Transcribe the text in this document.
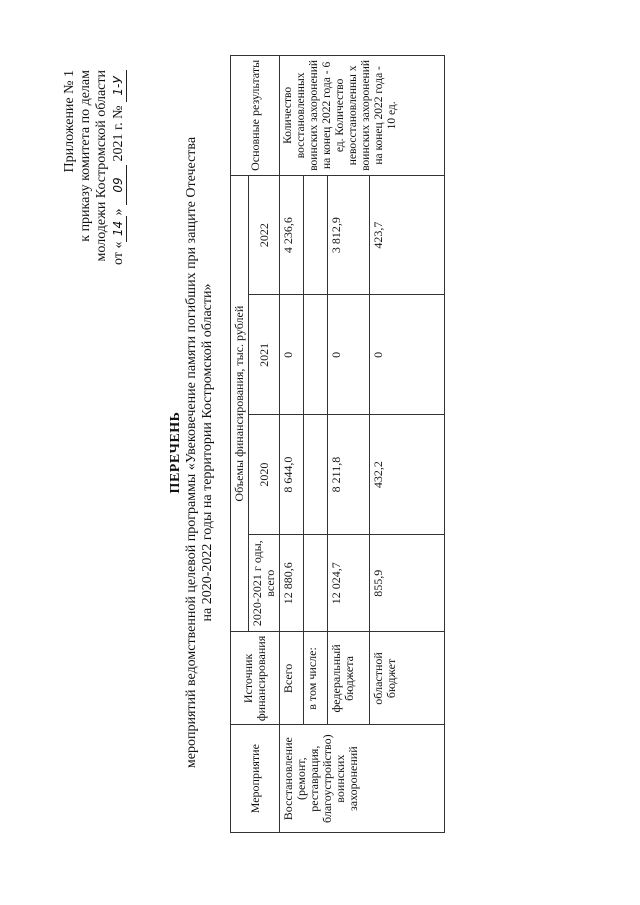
Приложение № 1 к приказу комитета по делам молодежи Костромской области от «14» 09 2021 г. № 1-У
ПЕРЕЧЕНЬ мероприятий ведомственной целевой программы «Увековечение памяти погибших при защите Отечества на 2020-2022 годы на территории Костромской области»
Мероприятие	Источник финансирования	Объемы финансирования, тыс. рублей				Основные результаты
		2020-2021 г оды, всего	2020	2021	2022	
Восстановление (ремонт, реставрация, благоустройство) воинских захоронений	Всего	12 880,6	8 644,0	0	4 236,6	Количество восстановленных воинских захоронений на конец 2022 года - 6 ед. Количество невосстановленны х воинских захоронений на конец 2022 года - 10 ед.
	в том числе:					
	федеральный бюджета	12 024,7	8 211,8	0	3 812,9	
	областной бюджет	855,9	432,2	0	423,7	
